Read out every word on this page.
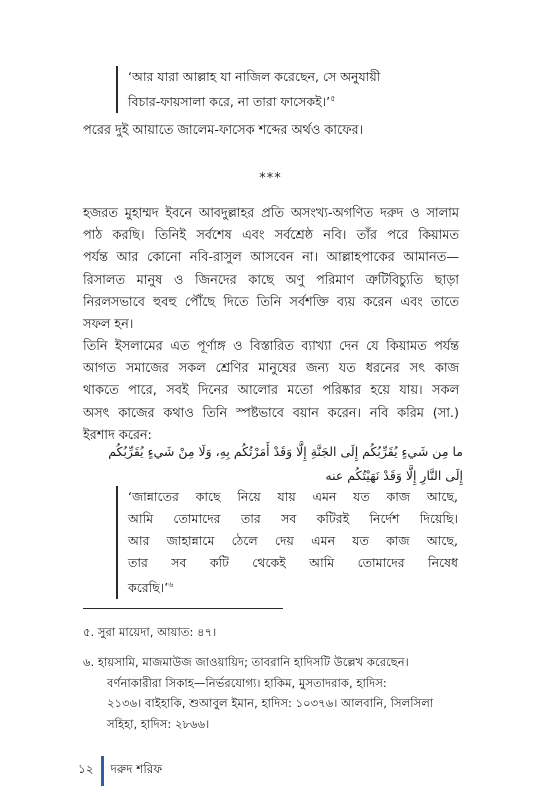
‘আর যারা আল্লাহ যা নাজিল করেছেন, সে অনুযায়ী
বিচার-ফায়সালা করে, না তারা ফাসেকই।’$^৫$
পরের দুই আয়াতে জালেম-ফাসেক শব্দের অর্থও কাফের।
***
হজরত মুহাম্মদ ইবনে আবদুল্লাহর প্রতি অসংখ্য-অগণিত দরুদ ও সালাম
পাঠ করছি। তিনিই সর্বশেষ এবং সর্বশ্রেষ্ঠ নবি। তাঁর পরে কিয়ামত
পর্যন্ত আর কোনো নবি-রাসুল আসবেন না। আল্লাহপাকের আমানত—
রিসালত মানুষ ও জিনদের কাছে অণু পরিমাণ ত্রুটিবিচ্যুতি ছাড়া
নিরলসভাবে হুবহু পৌঁছে দিতে তিনি সর্বশক্তি ব্যয় করেন এবং তাতে
সফল হন।
তিনি ইসলামের এত পূর্ণাঙ্গ ও বিস্তারিত ব্যাখ্যা দেন যে কিয়ামত পর্যন্ত
আগত সমাজের সকল শ্রেণির মানুষের জন্য যত ধরনের সৎ কাজ
থাকতে পারে, সবই দিনের আলোর মতো পরিষ্কার হয়ে যায়। সকল
অসৎ কাজের কথাও তিনি স্পষ্টভাবে বয়ান করেন। নবি করিম (সা.)
ইরশাদ করেন:
ما مِن شَيءٍ يُقَرِّبُكُم إِلَى الجَنَّةِ إِلَّا وَقَدْ أَمَرْتُكُم بِهِ، وَلَا مِنْ شَيءٍ يُقَرِّبُكُم
إِلَى النَّارِ إِلَّا وَقَدْ نَهَيْتُكُم عنه
‘জান্নাতের কাছে নিয়ে যায় এমন যত কাজ আছে,
আমি তোমাদের তার সব কটিরই নির্দেশ দিয়েছি।
আর জাহান্নামে ঠেলে দেয় এমন যত কাজ আছে,
তার সব কটি থেকেই আমি তোমাদের নিষেধ
করেছি।’$^৬$
৫. সুরা মায়েদা, আয়াত: ৪৭।
৬. হায়সামি, মাজমাউজ জাওয়ায়িদ; তাবরানি হাদিসটি উল্লেখ করেছেন।
বর্ণনাকারীরা সিকাহ—নির্ভরযোগ্য। হাকিম, মুসতাদরাক, হাদিস:
২১৩৬। বাইহাকি, শুআবুল ইমান, হাদিস: ১০৩৭৬। আলবানি, সিলসিলা
সহিহা, হাদিস: ২৮৬৬।
১২ দরুদ শরিফ
